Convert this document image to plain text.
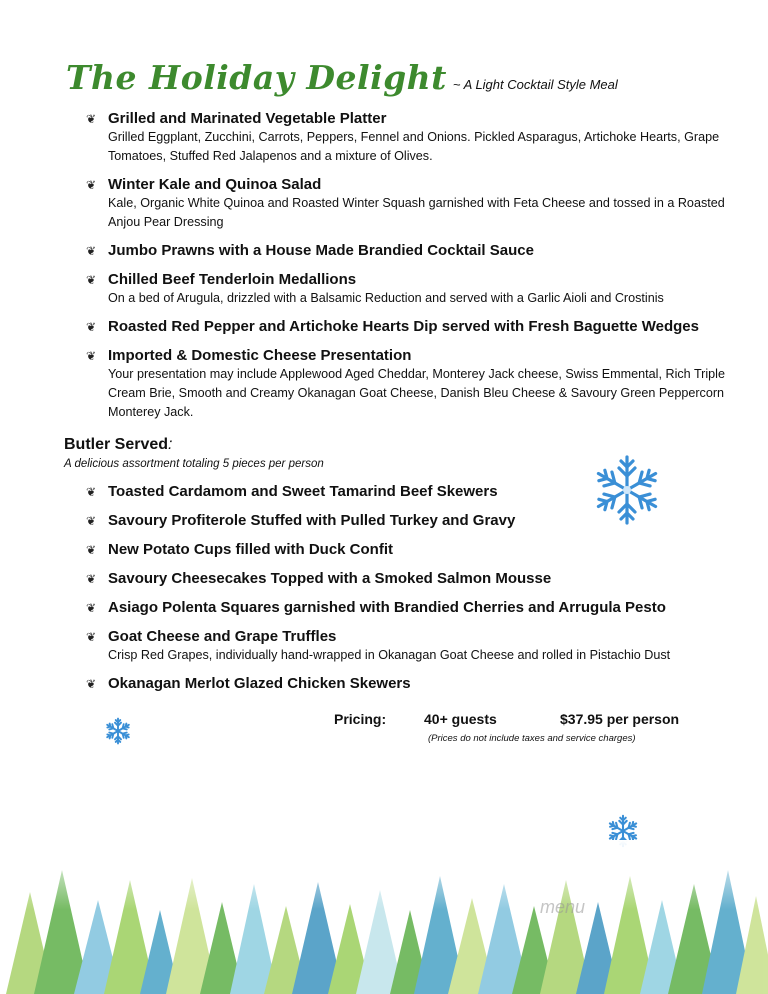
The Holiday Delight ~ A Light Cocktail Style Meal
❦ Grilled and Marinated Vegetable Platter
Grilled Eggplant, Zucchini, Carrots, Peppers, Fennel and Onions. Pickled Asparagus, Artichoke Hearts, Grape Tomatoes, Stuffed Red Jalapenos and a mixture of Olives.
❦ Winter Kale and Quinoa Salad
Kale, Organic White Quinoa and Roasted Winter Squash garnished with Feta Cheese and tossed in a Roasted Anjou Pear Dressing
❦ Jumbo Prawns with a House Made Brandied Cocktail Sauce
❦ Chilled Beef Tenderloin Medallions
On a bed of Arugula, drizzled with a Balsamic Reduction and served with a Garlic Aioli and Crostinis
❦ Roasted Red Pepper and Artichoke Hearts Dip served with Fresh Baguette Wedges
❦ Imported & Domestic Cheese Presentation
Your presentation may include Applewood Aged Cheddar, Monterey Jack cheese, Swiss Emmental, Rich Triple Cream Brie, Smooth and Creamy Okanagan Goat Cheese, Danish Bleu Cheese & Savoury Green Peppercorn Monterey Jack.
Butler Served:
A delicious assortment totaling 5 pieces per person
❦ Toasted Cardamom and Sweet Tamarind Beef Skewers
❦ Savoury Profiterole Stuffed with Pulled Turkey and Gravy
❦ New Potato Cups filled with Duck Confit
❦ Savoury Cheesecakes Topped with a Smoked Salmon Mousse
❦ Asiago Polenta Squares garnished with Brandied Cherries and Arrugula Pesto
❦ Goat Cheese and Grape Truffles
Crisp Red Grapes, individually hand-wrapped in Okanagan Goat Cheese and rolled in Pistachio Dust
❦ Okanagan Merlot Glazed Chicken Skewers
Pricing:	40+ guests	$37.95 per person
(Prices do not include taxes and service charges)
menu
